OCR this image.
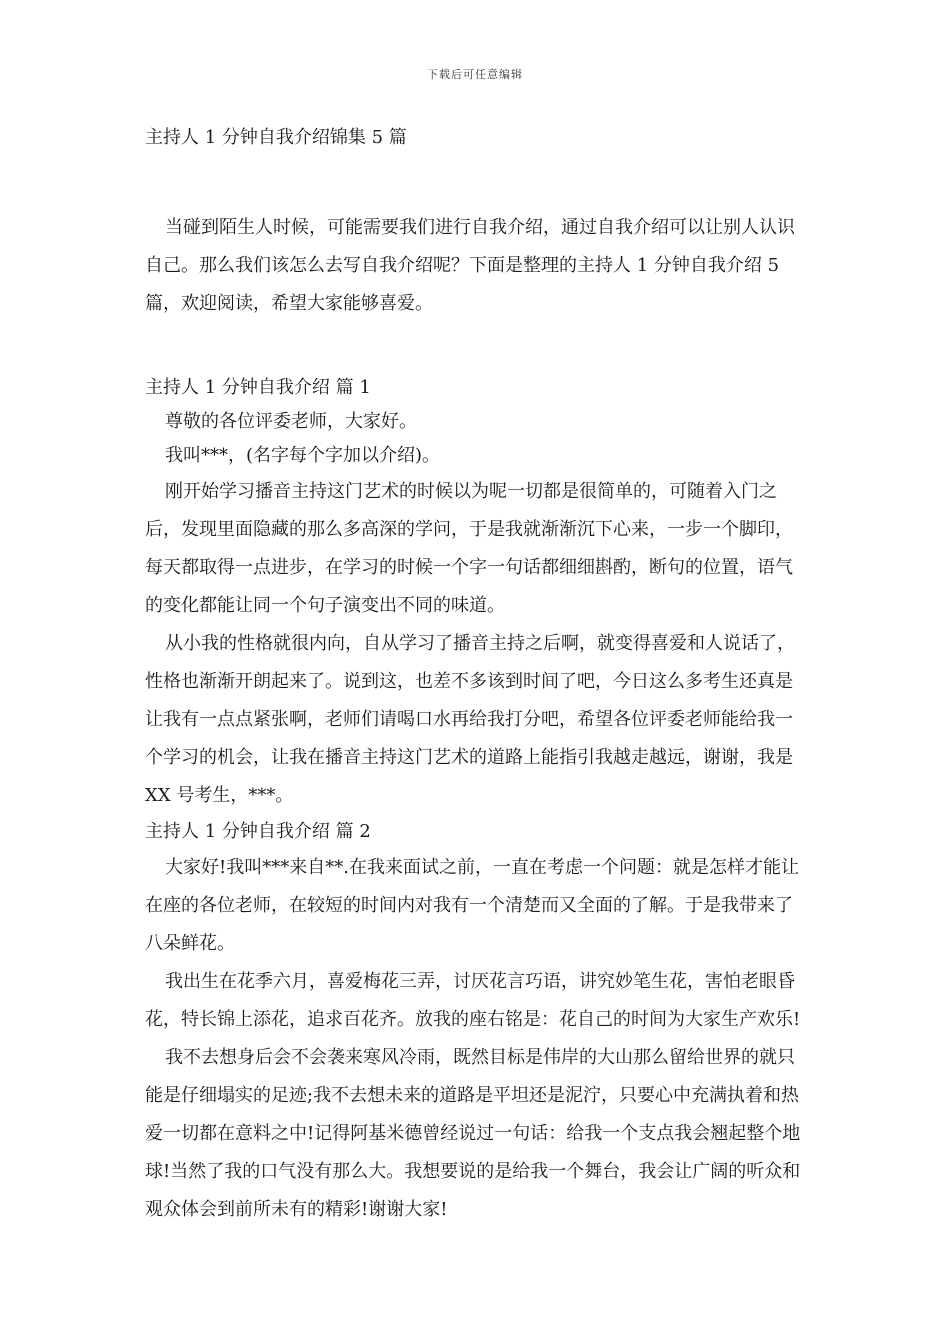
下载后可任意编辑
主持人 1 分钟自我介绍锦集 5 篇
当碰到陌生人时候，可能需要我们进行自我介绍，通过自我介绍可以让别人认识自己。那么我们该怎么去写自我介绍呢？下面是整理的主持人 1 分钟自我介绍 5 篇，欢迎阅读，希望大家能够喜爱。
主持人 1 分钟自我介绍 篇 1

尊敬的各位评委老师，大家好。

我叫***，(名字每个字加以介绍)。

刚开始学习播音主持这门艺术的时候以为呢一切都是很简单的，可随着入门之后，发现里面隐藏的那么多高深的学问，于是我就渐渐沉下心来，一步一个脚印，每天都取得一点进步，在学习的时候一个字一句话都细细斟酌，断句的位置，语气的变化都能让同一个句子演变出不同的味道。

从小我的性格就很内向，自从学习了播音主持之后啊，就变得喜爱和人说话了，性格也渐渐开朗起来了。说到这，也差不多该到时间了吧，今日这么多考生还真是让我有一点点紧张啊，老师们请喝口水再给我打分吧，希望各位评委老师能给我一个学习的机会，让我在播音主持这门艺术的道路上能指引我越走越远，谢谢，我是 XX 号考生，***。

主持人 1 分钟自我介绍 篇 2

大家好!我叫***来自**.在我来面试之前，一直在考虑一个问题：就是怎样才能让在座的各位老师，在较短的时间内对我有一个清楚而又全面的了解。于是我带来了八朵鲜花。

我出生在花季六月，喜爱梅花三弄，讨厌花言巧语，讲究妙笔生花，害怕老眼昏花，特长锦上添花，追求百花齐。放我的座右铭是：花自己的时间为大家生产欢乐!

我不去想身后会不会袭来寒风冷雨，既然目标是伟岸的大山那么留给世界的就只能是仔细塌实的足迹;我不去想未来的道路是平坦还是泥泞，只要心中充满执着和热爱一切都在意料之中!记得阿基米德曾经说过一句话：给我一个支点我会翘起整个地球!当然了我的口气没有那么大。我想要说的是给我一个舞台，我会让广阔的听众和观众体会到前所未有的精彩!谢谢大家!
